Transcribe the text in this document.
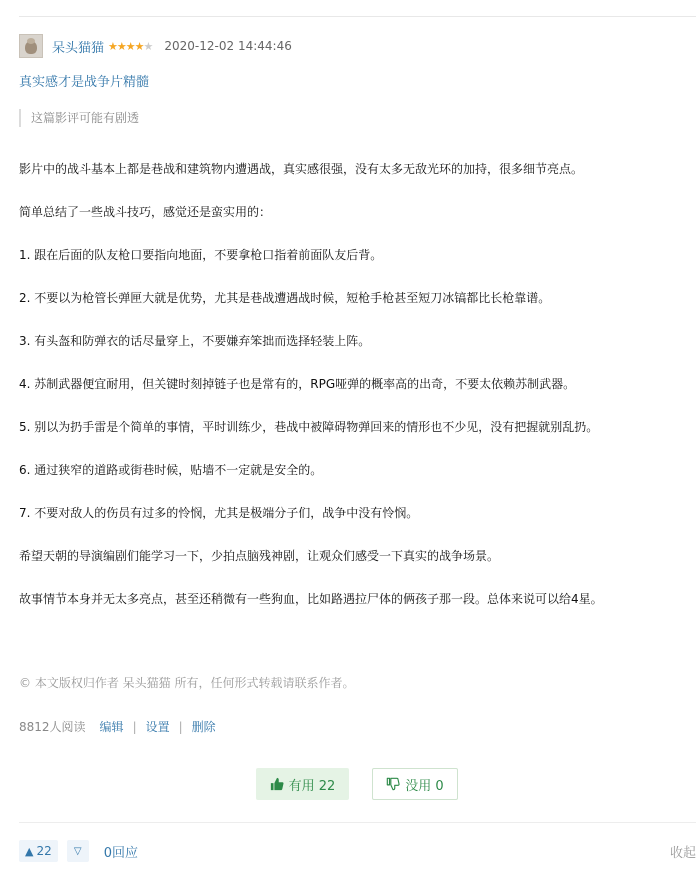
呆头猫猫 ★ ★ ★ ★ ★ 2020-12-02 14:44:46
真实感才是战争片精髓
这篇影评可能有剧透

影片中的战斗基本上都是巷战和建筑物内遭遇战，真实感很强，没有太多无敌光环的加持，很多细节亮点。

简单总结了一些战斗技巧，感觉还是蛮实用的：

1. 跟在后面的队友枪口要指向地面，不要拿枪口指着前面队友后背。

2. 不要以为枪管长弹匣大就是优势，尤其是巷战遭遇战时候，短枪手枪甚至短刀冰镐都比长枪靠谱。

3. 有头盔和防弹衣的话尽量穿上，不要嫌弃笨拙而选择轻装上阵。

4. 苏制武器便宜耐用，但关键时刻掉链子也是常有的，RPG哑弹的概率高的出奇，不要太依赖苏制武器。

5. 别以为扔手雷是个简单的事情，平时训练少，巷战中被障碍物弹回来的情形也不少见，没有把握就别乱扔。

6. 通过狭窄的道路或街巷时候，贴墙不一定就是安全的。

7. 不要对敌人的伤员有过多的怜悯，尤其是极端分子们，战争中没有怜悯。

希望天朝的导演编剧们能学习一下，少拍点脑残神剧，让观众们感受一下真实的战争场景。

故事情节本身并无太多亮点，甚至还稍微有一些狗血，比如路遇拉尸体的俩孩子那一段。总体来说可以给4星。

© 本文版权归作者 呆头猫猫 所有，任何形式转载请联系作者。
8812人阅读 编辑 | 设置 | 删除
有用 22	没用 0
▲ 22 ▽ 0回应	收起
